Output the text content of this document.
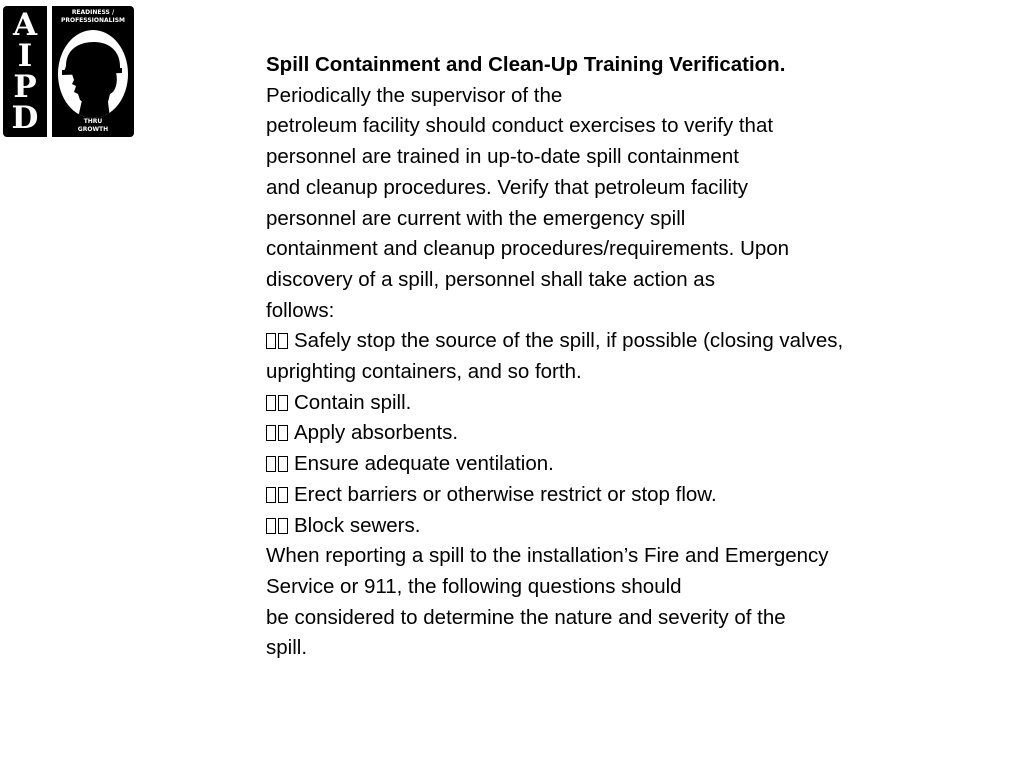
A
I
P
D
READINESS /
PROFESSIONALISM
THRU
GROWTH
Spill Containment and Clean-Up Training Verification.
Periodically the supervisor of the
petroleum facility should conduct exercises to verify that
personnel are trained in up-to-date spill containment
and cleanup procedures. Verify that petroleum facility
personnel are current with the emergency spill
containment and cleanup procedures/requirements. Upon
discovery of a spill, personnel shall take action as
follows:
Safely stop the source of the spill, if possible (closing valves,
uprighting containers, and so forth.
Contain spill.
Apply absorbents.
Ensure adequate ventilation.
Erect barriers or otherwise restrict or stop flow.
Block sewers.
When reporting a spill to the installation’s Fire and Emergency
Service or 911, the following questions should
be considered to determine the nature and severity of the
spill.
